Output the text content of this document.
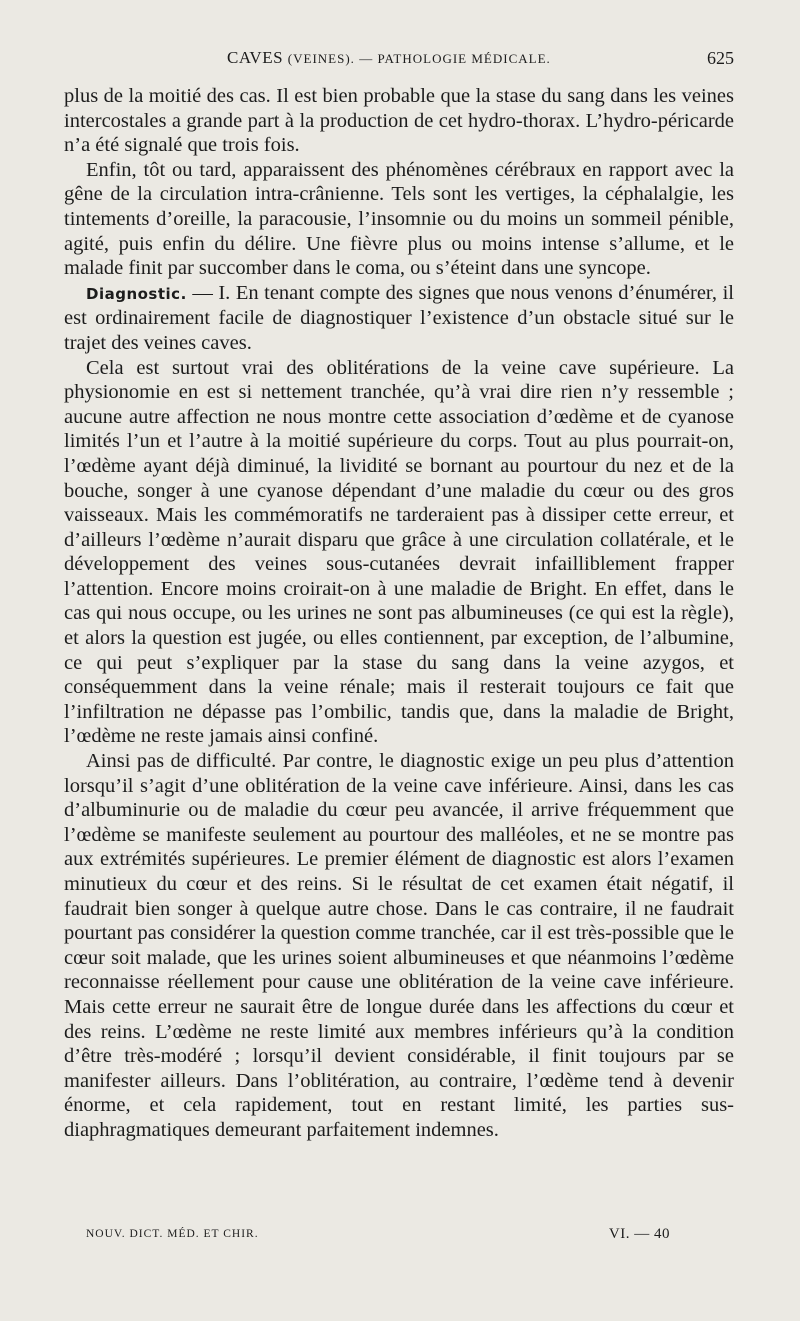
CAVES (VEINES). — PATHOLOGIE MÉDICALE.	625

plus de la moitié des cas. Il est bien probable que la stase du sang dans les veines intercostales a grande part à la production de cet hydro-thorax. L’hydro-péricarde n’a été signalé que trois fois.

Enfin, tôt ou tard, apparaissent des phénomènes cérébraux en rapport avec la gêne de la circulation intra-crânienne. Tels sont les vertiges, la céphalalgie, les tintements d’oreille, la paracousie, l’insomnie ou du moins un sommeil pénible, agité, puis enfin du délire. Une fièvre plus ou moins intense s’allume, et le malade finit par succomber dans le coma, ou s’éteint dans une syncope.

Diagnostic. — I. En tenant compte des signes que nous venons d’énumérer, il est ordinairement facile de diagnostiquer l’existence d’un obstacle situé sur le trajet des veines caves.

Cela est surtout vrai des oblitérations de la veine cave supérieure. La physionomie en est si nettement tranchée, qu’à vrai dire rien n’y ressemble ; aucune autre affection ne nous montre cette association d’œdème et de cyanose limités l’un et l’autre à la moitié supérieure du corps. Tout au plus pourrait-on, l’œdème ayant déjà diminué, la lividité se bornant au pourtour du nez et de la bouche, songer à une cyanose dépendant d’une maladie du cœur ou des gros vaisseaux. Mais les commémoratifs ne tarderaient pas à dissiper cette erreur, et d’ailleurs l’œdème n’aurait disparu que grâce à une circulation collatérale, et le développement des veines sous-cutanées devrait infailliblement frapper l’attention. Encore moins croirait-on à une maladie de Bright. En effet, dans le cas qui nous occupe, ou les urines ne sont pas albumineuses (ce qui est la règle), et alors la question est jugée, ou elles contiennent, par exception, de l’albumine, ce qui peut s’expliquer par la stase du sang dans la veine azygos, et conséquemment dans la veine rénale; mais il resterait toujours ce fait que l’infiltration ne dépasse pas l’ombilic, tandis que, dans la maladie de Bright, l’œdème ne reste jamais ainsi confiné.

Ainsi pas de difficulté. Par contre, le diagnostic exige un peu plus d’attention lorsqu’il s’agit d’une oblitération de la veine cave inférieure. Ainsi, dans les cas d’albuminurie ou de maladie du cœur peu avancée, il arrive fréquemment que l’œdème se manifeste seulement au pourtour des malléoles, et ne se montre pas aux extrémités supérieures. Le premier élément de diagnostic est alors l’examen minutieux du cœur et des reins. Si le résultat de cet examen était négatif, il faudrait bien songer à quelque autre chose. Dans le cas contraire, il ne faudrait pourtant pas considérer la question comme tranchée, car il est très-possible que le cœur soit malade, que les urines soient albumineuses et que néanmoins l’œdème reconnaisse réellement pour cause une oblitération de la veine cave inférieure. Mais cette erreur ne saurait être de longue durée dans les affections du cœur et des reins. L’œdème ne reste limité aux membres inférieurs qu’à la condition d’être très-modéré ; lorsqu’il devient considérable, il finit toujours par se manifester ailleurs. Dans l’oblitération, au contraire, l’œdème tend à devenir énorme, et cela rapidement, tout en restant limité, les parties sus-diaphragmatiques demeurant parfaitement indemnes.

NOUV. DICT. MÉD. ET CHIR.	VI. — 40
